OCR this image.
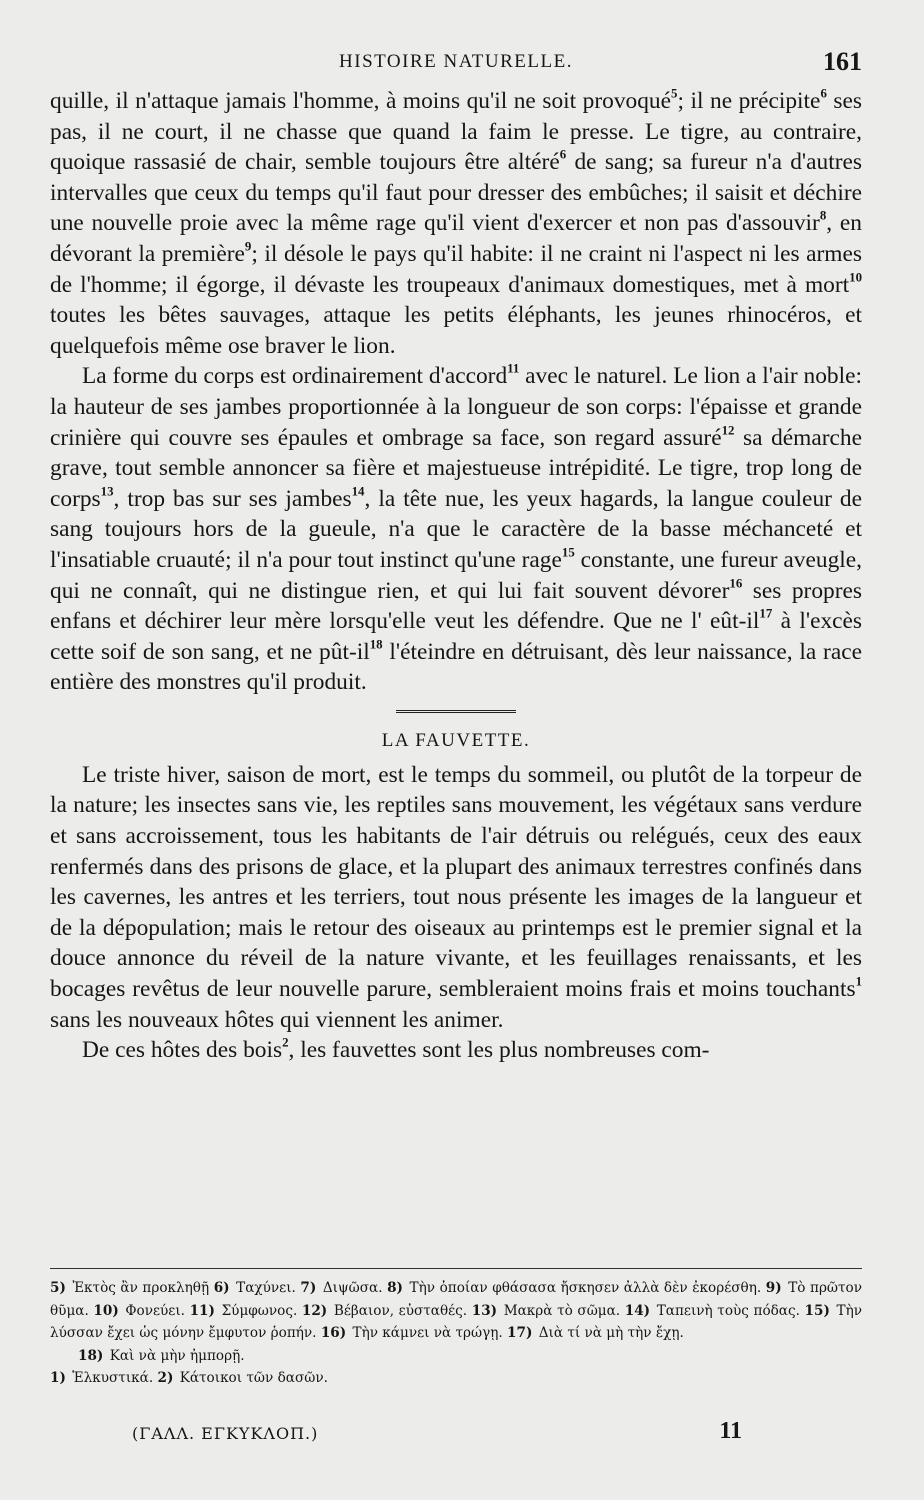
HISTOIRE NATURELLE.	161

quille, il n'attaque jamais l'homme, à moins qu'il ne soit provoqué$^5$; il ne précipite$^6$ ses pas, il ne court, il ne chasse que quand la faim le presse. Le tigre, au contraire, quoique rassasié de chair, semble toujours être altéré$^6$ de sang; sa fureur n'a d'autres intervalles que ceux du temps qu'il faut pour dresser des embûches; il saisit et déchire une nouvelle proie avec la même rage qu'il vient d'exercer et non pas d'assouvir$^8$, en dévorant la première$^9$; il désole le pays qu'il habite: il ne craint ni l'aspect ni les armes de l'homme; il égorge, il dévaste les troupeaux d'animaux domestiques, met à mort$^{10}$ toutes les bêtes sauvages, attaque les petits éléphants, les jeunes rhinocéros, et quelquefois même ose braver le lion.

La forme du corps est ordinairement d'accord$^{11}$ avec le naturel. Le lion a l'air noble: la hauteur de ses jambes proportionnée à la longueur de son corps: l'épaisse et grande crinière qui couvre ses épaules et ombrage sa face, son regard assuré$^{12}$ sa démarche grave, tout semble annoncer sa fière et majestueuse intrépidité. Le tigre, trop long de corps$^{13}$, trop bas sur ses jambes$^{14}$, la tête nue, les yeux hagards, la langue couleur de sang toujours hors de la gueule, n'a que le caractère de la basse méchanceté et l'insatiable cruauté; il n'a pour tout instinct qu'une rage$^{15}$ constante, une fureur aveugle, qui ne connaît, qui ne distingue rien, et qui lui fait souvent dévorer$^{16}$ ses propres enfans et déchirer leur mère lorsqu'elle veut les défendre. Que ne l' eût-$il^{17}$ à l'excès cette soif de son sang, et ne pût-$il^{18}$ l'éteindre en détruisant, dès leur naissance, la race entière des monstres qu'il produit.

LA FAUVETTE.

Le triste hiver, saison de mort, est le temps du sommeil, ou plutôt de la torpeur de la nature; les insectes sans vie, les reptiles sans mouvement, les végétaux sans verdure et sans accroissement, tous les habitants de l'air détruis ou relégués, ceux des eaux renfermés dans des prisons de glace, et la plupart des animaux terrestres confinés dans les cavernes, les antres et les terriers, tout nous présente les images de la langueur et de la dépopulation; mais le retour des oiseaux au printemps est le premier signal et la douce annonce du réveil de la nature vivante, et les feuillages renaissants, et les bocages revêtus de leur nouvelle parure, sembleraient moins frais et moins touchants$^1$ sans les nouveaux hôtes qui viennent les animer.

De ces hôtes des bois$^2$, les fauvettes sont les plus nombreuses com-

5) Ἐκτὸς ἂν προκληθῇ 6) Ταχύνει. 7) Διψῶσα. 8) Τὴν ὁποίαν φθάσασα ἤσκησεν ἀλλὰ δὲν ἐκορέσθη. 9) Τὸ πρῶτον θῦμα. 10) Φονεύει. 11) Σύμφωνος. 12) Βέβαιον, εὐσταθές. 13) Μακρὰ τὸ σῶμα. 14) Ταπεινὴ τοὺς πόδας. 15) Τὴν λύσσαν ἔχει ὡς μόνην ἔμφυτον ῥοπήν. 16) Τὴν κάμνει νὰ τρώγῃ. 17) Διὰ τί νὰ μὴ τὴν ἔχῃ.

18) Καὶ νὰ μὴν ἠμπορῇ.

1) Ἑλκυστικά. 2) Κάτοικοι τῶν δασῶν.

(ΓΑΛΛ. ΕΓΚΥΚΛΟΠ.)	11
